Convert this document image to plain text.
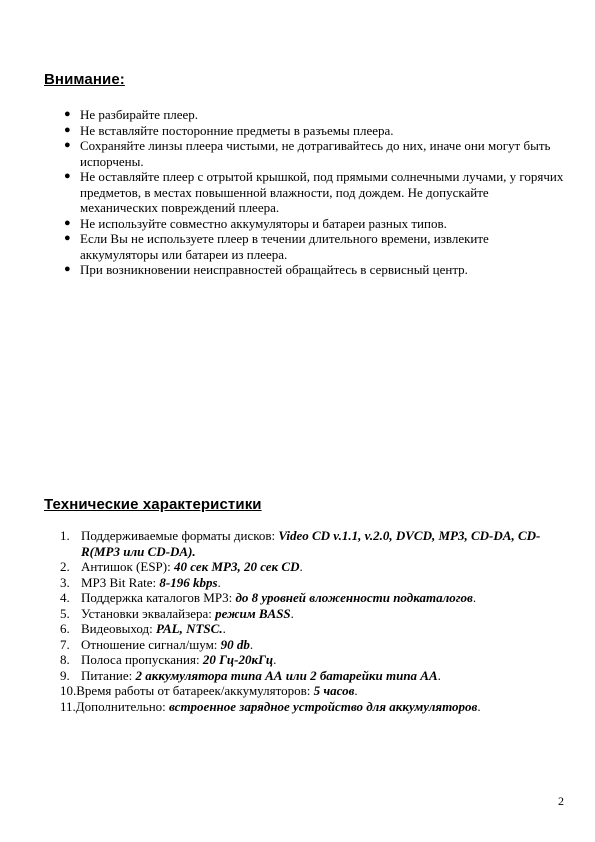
Внимание:
● Не разбирайте плеер.
● Не вставляйте посторонние предметы в разъемы плеера.
● Сохраняйте линзы плеера чистыми, не дотрагивайтесь до них, иначе они могут быть испорчены.
● Не оставляйте плеер с отрытой крышкой, под прямыми солнечными лучами, у горячих предметов, в местах повышенной влажности, под дождем. Не допускайте механических повреждений плеера.
● Не используйте совместно аккумуляторы и батареи разных типов.
● Если Вы не используете плеер в течении длительного времени, извлеките аккумуляторы или батареи из плеера.
● При возникновении неисправностей обращайтесь в сервисный центр.
Технические характеристики
1. Поддерживаемые форматы дисков: Video CD v.1.1, v.2.0, DVCD, MP3, CD-DA, CD-R(MP3 или CD-DA).
2. Антишок (ESP): 40 сек MP3, 20 сек CD.
3. MP3 Bit Rate: 8-196 kbps.
4. Поддержка каталогов MP3: до 8 уровней вложенности подкаталогов.
5. Установки эквалайзера: режим BASS.
6. Видеовыход: PAL, NTSC..
7. Отношение сигнал/шум: 90 db.
8. Полоса пропускания: 20 Гц-20кГц.
9. Питание: 2 аккумулятора типа АА или 2 батарейки типа АА.
10.Время работы от батареек/аккумуляторов: 5 часов.
11.Дополнительно: встроенное зарядное устройство для аккумуляторов.
2
